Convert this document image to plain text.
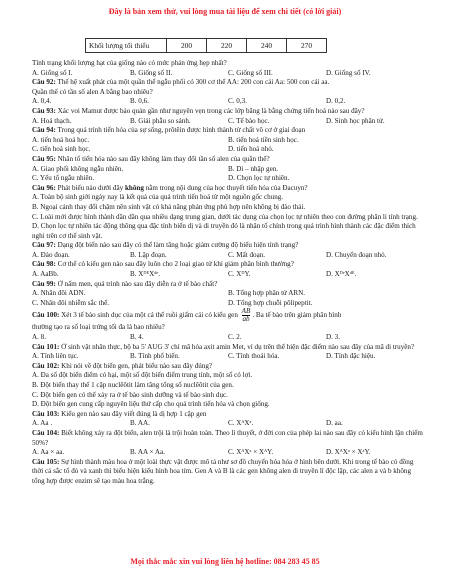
Đây là bản xem thử, vui lòng mua tài liệu để xem chi tiết (có lời giải)
Khối lượng tối thiểu	200	220	240	270

Tính trạng khối lượng hạt của giống nào có mức phản ứng hẹp nhất?

A. Giống số I.	B. Giống số II.	C. Giống số III.	D. Giống số IV.

Câu 92: Thế hệ xuất phát của một quần thể ngẫu phối có 300 cơ thể AA: 200 con cái Aa: 500 con cái aa.

Quần thể có tần số alen A bằng bao nhiêu?

A. 0,4.	B. 0,6.	C. 0,3.	D. 0,2.

Câu 93: Xác voi Mamut được bảo quản gần như nguyên vẹn trong các lớp băng là bằng chứng tiến hoá nào sau đây?

A. Hoá thạch.	B. Giải phẫu so sánh.	C. Tế bào học.	D. Sinh học phân tử.

Câu 94: Trong quá trình tiến hóa của sự sống, prôtêin được hình thành từ chất vô cơ ở giai đoạn

A. tiến hoá hoá học.	B. tiến hoá tiền sinh học.
C. tiến hoá sinh học.	D. tiến hoá nhỏ.

Câu 95: Nhân tố tiến hóa nào sau đây không làm thay đổi tần số alen của quần thể?

A. Giao phối không ngẫu nhiên.	B. Di – nhập gen.
C. Yếu tố ngẫu nhiên.	D. Chọn lọc tự nhiên.

Câu 96: Phát biểu nào dưới đây không nằm trong nội dung của học thuyết tiến hóa của Đacuyn?

A. Toàn bộ sinh giới ngày nay là kết quả của quá trình tiến hoá từ một nguồn gốc chung.

B. Ngoại cảnh thay đổi chậm nên sinh vật có khả năng phản ứng phù hợp nên không bị đào thải.

C. Loài mới được hình thành dần dần qua nhiều dạng trung gian, dưới tác dụng của chọn lọc tự nhiên theo con đường phân li tính trạng.

D. Chọn lọc tự nhiên tác động thông qua đặc tính biến dị và di truyền đó là nhân tố chính trong quá trình hình thành các đặc điểm thích nghi trên cơ thể sinh vật.

Câu 97: Dạng đột biến nào sau đây có thể làm tăng hoặc giảm cường độ biểu hiện tính trạng?

A. Đảo đoạn.	B. Lặp đoạn.	C. Mất đoạn.	D. Chuyển đoạn nhỏ.

Câu 98: Cơ thể có kiểu gen nào sau đây luôn cho 2 loại giao tử khi giảm phân bình thường?

A. AaBb.	B. XᴰᴱXᵈᵉ.	C. XᴰY.	D. XᴰᵉXᵈᴱ.

Câu 99: Ở nấm men, quá trình nào sau đây diễn ra ở tế bào chất?

A. Nhân đôi ADN.	B. Tổng hợp phân tử ARN.
C. Nhân đôi nhiễm sắc thể.	D. Tổng hợp chuỗi pôlipeptit.

Câu 100: Xét 3 tế bào sinh dục của một cá thể ruồi giấm cái có kiểu gen $\frac{AB}{ab}$ . Ba tế bào trên giảm phân bình

thường tạo ra số loại trứng tối đa là bao nhiêu?

A. 8.	B. 4.	C. 2.	D. 3.

Câu 101: Ở sinh vật nhân thực, bộ ba 5' AUG 3' chỉ mã hóa axit amin Met, ví dụ trên thể hiện đặc điểm nào sau đây của mã di truyền?

A. Tính liên tục.	B. Tính phổ biến.	C. Tính thoái hóa.	D. Tính đặc hiệu.

Câu 102: Khi nói về đột biến gen, phát biểu nào sau đây đúng?

A. Đa số đột biến điểm có hại, một số đột biến điểm trung tính, một số có lợi.

B. Đột biến thay thế 1 cặp nuclêôtit làm tăng tổng số nuclêôtit của gen.

C. Đột biến gen có thể xảy ra ở tế bào sinh dưỡng và tế bào sinh dục.

D. Đột biến gen cung cấp nguyên liệu thứ cấp cho quá trình tiến hóa và chọn giống.

Câu 103: Kiểu gen nào sau đây viết đúng là dị hợp 1 cặp gen

A. Aa .	B. AA.	C. XᴬXᵃ.	D. aa.

Câu 104: Biết không xảy ra đột biến, alen trội là trội hoàn toàn. Theo lí thuyết, ở đời con của phép lai nào sau đây có kiểu hình lặn chiếm 50%?

A. Aa × aa.	B. AA × Aa.	C. XᴬXᵃ × XᴬY.	D. XᴬXᵃ × XᵃY.

Câu 105: Sự hình thành màu hoa ở một loài thực vật được mô tả như sơ đồ chuyển hóa hóa ở hình bên dưới. Khi trong tế bào có đồng thời cả sắc tố đỏ và xanh thì biểu hiện kiểu hình hoa tím. Gen A và B là các gen không alen di truyền lí độc lập, các alen a và b không tổng hợp được enzim sẽ tạo màu hoa trắng.

Mọi thắc mắc xin vui lòng liên hệ hotline: 084 283 45 85
